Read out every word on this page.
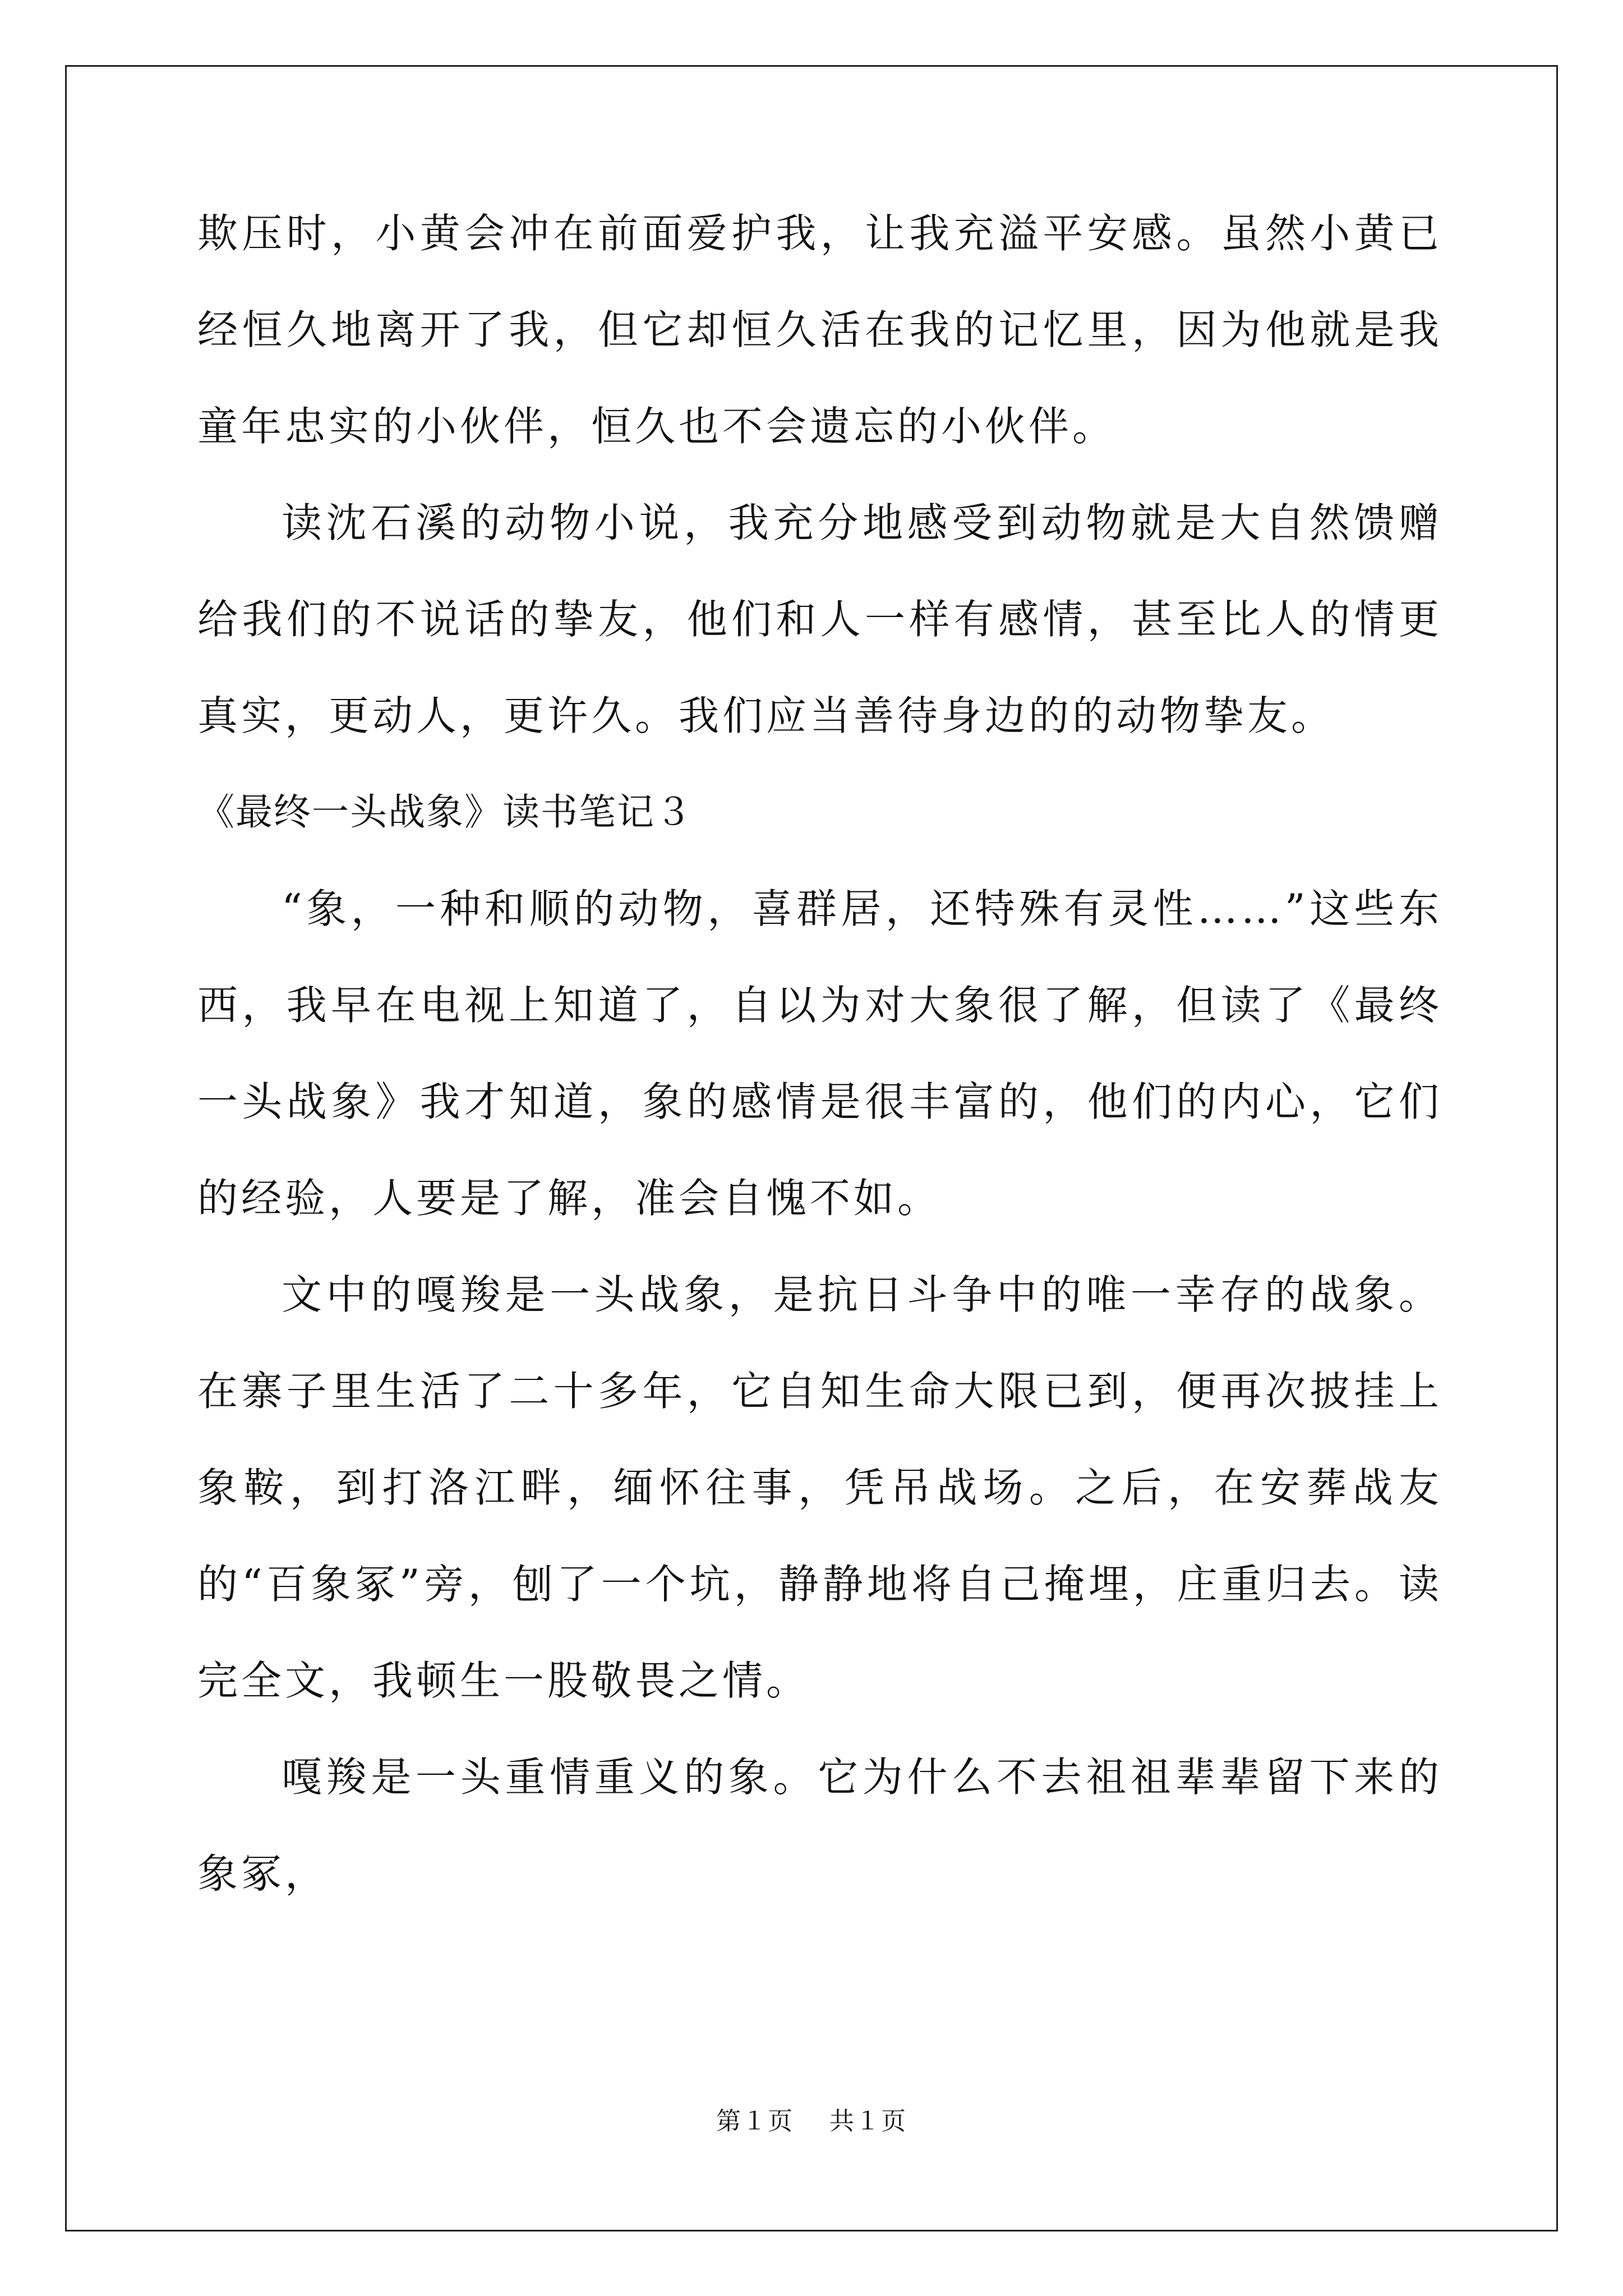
欺压时，小黄会冲在前面爱护我，让我充溢平安感。虽然小黄已经恒久地离开了我，但它却恒久活在我的记忆里，因为他就是我童年忠实的小伙伴，恒久也不会遗忘的小伙伴。

读沈石溪的动物小说，我充分地感受到动物就是大自然馈赠给我们的不说话的挚友，他们和人一样有感情，甚至比人的情更真实，更动人，更许久。我们应当善待身边的的动物挚友。

《最终一头战象》读书笔记３

“象，一种和顺的动物，喜群居，还特殊有灵性……”这些东西，我早在电视上知道了，自以为对大象很了解，但读了《最终一头战象》我才知道，象的感情是很丰富的，他们的内心，它们的经验，人要是了解，准会自愧不如。

文中的嘎羧是一头战象，是抗日斗争中的唯一幸存的战象。在寨子里生活了二十多年，它自知生命大限已到，便再次披挂上象鞍，到打洛江畔，缅怀往事，凭吊战场。之后，在安葬战友的“百象冢”旁，刨了一个坑，静静地将自己掩埋，庄重归去。读完全文，我顿生一股敬畏之情。

嘎羧是一头重情重义的象。它为什么不去祖祖辈辈留下来的象冢，

第１页 共１页
